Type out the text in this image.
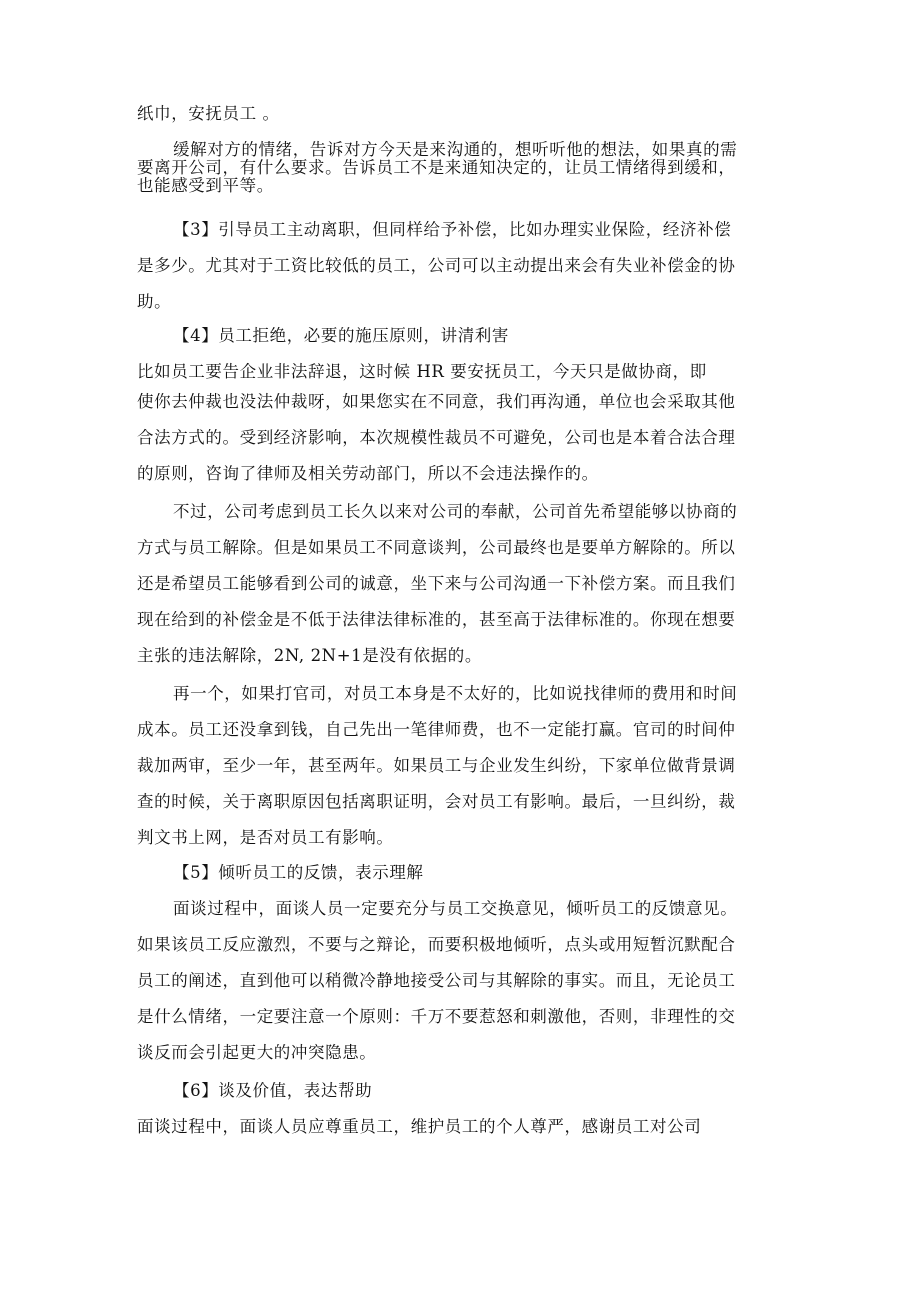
纸巾，安抚员工 。

缓解对方的情绪，告诉对方今天是来沟通的，想听听他的想法，如果真的需
要离开公司，有什么要求。告诉员工不是来通知决定的，让员工情绪得到缓和，
也能感受到平等。
【3】引导员工主动离职，但同样给予补偿，比如办理实业保险，经济补偿
是多少。尤其对于工资比较低的员工，公司可以主动提出来会有失业补偿金的协
助。
【4】员工拒绝，必要的施压原则，讲清利害
比如员工要告企业非法辞退，这时候 HR 要安抚员工，今天只是做协商，即
使你去仲裁也没法仲裁呀，如果您实在不同意，我们再沟通，单位也会采取其他
合法方式的。受到经济影响，本次规模性裁员不可避免，公司也是本着合法合理
的原则，咨询了律师及相关劳动部门，所以不会违法操作的。
不过，公司考虑到员工长久以来对公司的奉献，公司首先希望能够以协商的
方式与员工解除。但是如果员工不同意谈判，公司最终也是要单方解除的。所以
还是希望员工能够看到公司的诚意，坐下来与公司沟通一下补偿方案。而且我们
现在给到的补偿金是不低于法律法律标准的，甚至高于法律标准的。你现在想要
主张的违法解除，2N, 2N+1是没有依据的。
再一个，如果打官司，对员工本身是不太好的，比如说找律师的费用和时间
成本。员工还没拿到钱，自己先出一笔律师费，也不一定能打赢。官司的时间仲
裁加两审，至少一年，甚至两年。如果员工与企业发生纠纷，下家单位做背景调
查的时候，关于离职原因包括离职证明，会对员工有影响。最后，一旦纠纷，裁
判文书上网，是否对员工有影响。
【5】倾听员工的反馈，表示理解
面谈过程中，面谈人员一定要充分与员工交换意见，倾听员工的反馈意见。
如果该员工反应激烈，不要与之辩论，而要积极地倾听，点头或用短暂沉默配合
员工的阐述，直到他可以稍微冷静地接受公司与其解除的事实。而且，无论员工
是什么情绪，一定要注意一个原则：千万不要惹怒和刺激他，否则，非理性的交
谈反而会引起更大的冲突隐患。
【6】谈及价值，表达帮助
面谈过程中，面谈人员应尊重员工，维护员工的个人尊严，感谢员工对公司
